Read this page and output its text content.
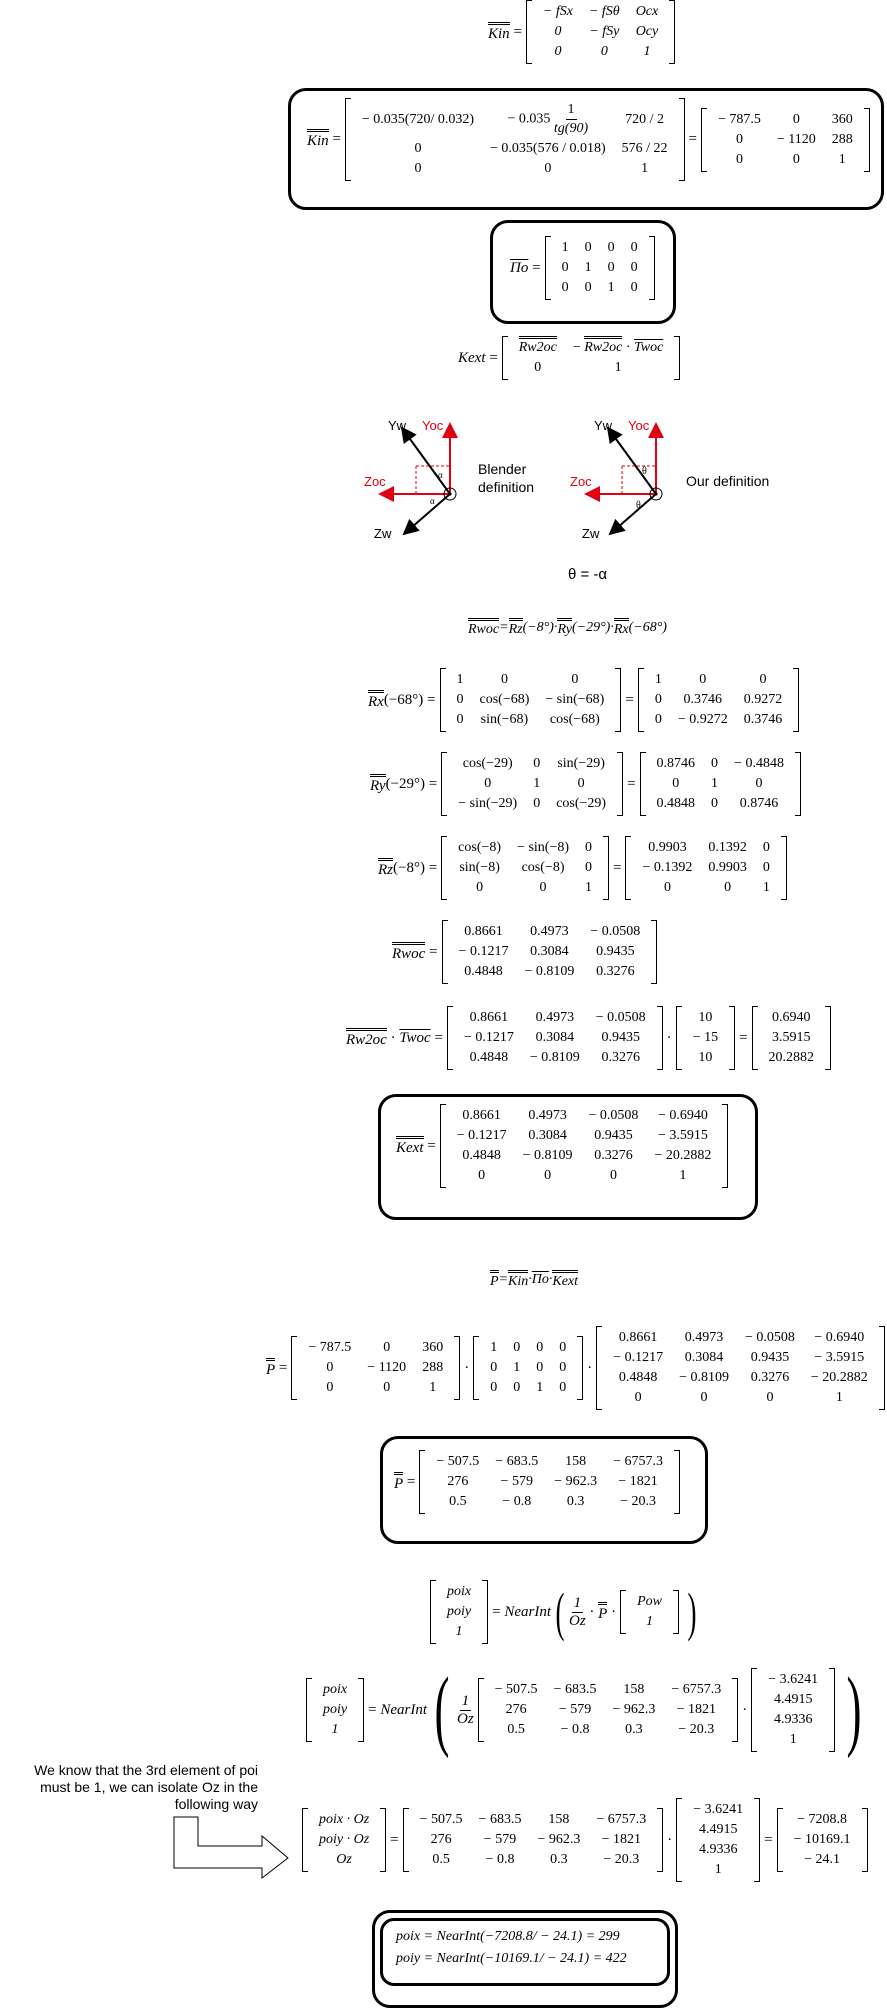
Kin =
− fSx	− fSθ	Ocx
0	− fSy	Ocy
0	0	1
Kin =
− 0.035(720/ 0.032)	− $0.035 \frac{1}{tg(90)}$	720 / 2
0	− 0.035(576 / 0.018)	576 / 22
0	0	1
=
− 787.5	0	360
0	− 1120	288
0	0	1
$\overline{\Pi o}$ =
1	0	0	0
0	1	0	0
0	0	1	0
Kext =
Rw2oc	− Rw2oc · Twoc
0	1
Yw Yoc
Zoc
Zw
α
α
Blender
definition
Yw Yoc
Zoc
Zw
θ
θ
Our definition
θ = -α
Rwoc = Rz (−8°) · Ry (−29°) · Rx (−68°)
Rx (−68°) =
1	0	0
0	cos(−68)	− sin(−68)
0	sin(−68)	cos(−68)
=
1	0	0
0	0.3746	0.9272
0	− 0.9272	0.3746
Ry (−29°) =
cos(−29)	0	sin(−29)
0	1	0
− sin(−29)	0	cos(−29)
=
0.8746	0	− 0.4848
0	1	0
0.4848	0	0.8746
Rz (−8°) =
cos(−8)	− sin(−8)	0
sin(−8)	cos(−8)	0
0	0	1
=
0.9903	0.1392	0
− 0.1392	0.9903	0
0	0	1
Rwoc =
0.8661	0.4973	− 0.0508
− 0.1217	0.3084	0.9435
0.4848	− 0.8109	0.3276
Rw2oc · Twoc =
0.8661	0.4973	− 0.0508
− 0.1217	0.3084	0.9435
0.4848	− 0.8109	0.3276
·
10
− 15
10
=
0.6940
3.5915
20.2882
Kext =
0.8661	0.4973	− 0.0508	− 0.6940
− 0.1217	0.3084	0.9435	− 3.5915
0.4848	− 0.8109	0.3276	− 20.2882
0	0	0	1
P = Kin · $\overline{\Pi o}$ · Kext
P =
− 787.5	0	360
0	− 1120	288
0	0	1
·
1	0	0	0
0	1	0	0
0	0	1	0
·
0.8661	0.4973	− 0.0508	− 0.6940
− 0.1217	0.3084	0.9435	− 3.5915
0.4848	− 0.8109	0.3276	− 20.2882
0	0	0	1
P =
− 507.5	− 683.5	158	− 6757.3
276	− 579	− 962.3	− 1821
0.5	− 0.8	0.3	− 20.3
poix
poiy
1
= NearInt ( $\frac{1}{Oz} \cdot P$ ·
Pow
1 )
poix
poiy
1
= NearInt ( $\frac{1}{Oz}$
− 507.5	− 683.5	158	− 6757.3
276	− 579	− 962.3	− 1821
0.5	− 0.8	0.3	− 20.3
·
− 3.6241
4.4915
4.9336
1 )
We know that the 3rd element of poi must be 1, we can isolate Oz in the following way
poix · Oz
poiy · Oz
Oz
=
− 507.5	− 683.5	158	− 6757.3
276	− 579	− 962.3	− 1821
0.5	− 0.8	0.3	− 20.3
·
− 3.6241
4.4915
4.9336
1
=
− 7208.8
− 10169.1
− 24.1
poix = NearInt(−7208.8/ − 24.1) = 299
poiy = NearInt(−10169.1/ − 24.1) = 422
